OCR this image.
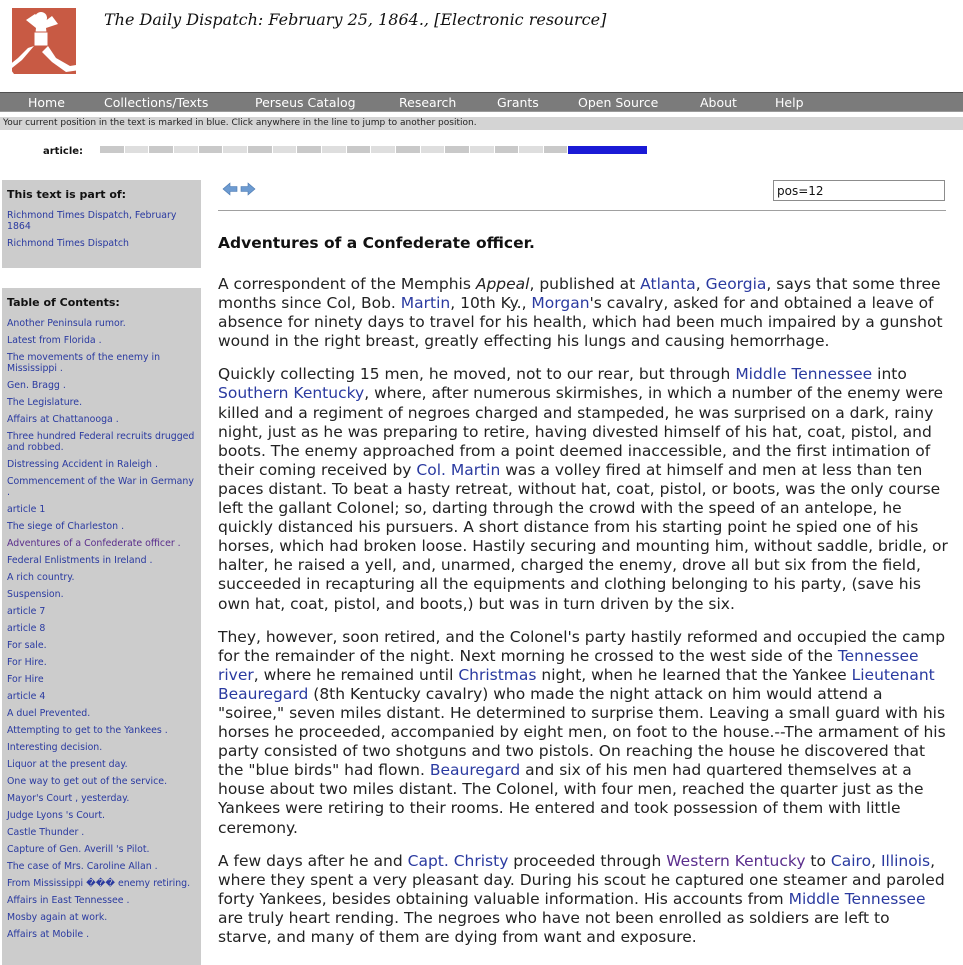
The Daily Dispatch: February 25, 1864., [Electronic resource]
Home	Collections/Texts	Perseus Catalog	Research	Grants	Open Source	About	Help
Your current position in the text is marked in blue. Click anywhere in the line to jump to another position.
article:
This text is part of:
Richmond Times Dispatch, February 1864
Richmond Times Dispatch
Table of Contents:
Another Peninsula rumor.
Latest from Florida .
The movements of the enemy in Mississippi .
Gen. Bragg .
The Legislature.
Affairs at Chattanooga .
Three hundred Federal recruits drugged and robbed.
Distressing Accident in Raleigh .
Commencement of the War in Germany .
article 1
The siege of Charleston .
Adventures of a Confederate officer .
Federal Enlistments in Ireland .
A rich country.
Suspension.
article 7
article 8
For sale.
For Hire.
For Hire
article 4
A duel Prevented.
Attempting to get to the Yankees .
Interesting decision.
Liquor at the present day.
One way to get out of the service.
Mayor's Court , yesterday.
Judge Lyons 's Court.
Castle Thunder .
Capture of Gen. Averill 's Pilot.
The case of Mrs. Caroline Allan .
From Mississippi ��� enemy retiring.
Affairs in East Tennessee .
Mosby again at work.
Affairs at Mobile .
pos=12
Adventures of a Confederate officer.

A correspondent of the Memphis Appeal, published at Atlanta, Georgia, says that some three months since Col, Bob. Martin, 10th Ky., Morgan's cavalry, asked for and obtained a leave of absence for ninety days to travel for his health, which had been much impaired by a gunshot wound in the right breast, greatly effecting his lungs and causing hemorrhage.

Quickly collecting 15 men, he moved, not to our rear, but through Middle Tennessee into Southern Kentucky, where, after numerous skirmishes, in which a number of the enemy were killed and a regiment of negroes charged and stampeded, he was surprised on a dark, rainy night, just as he was preparing to retire, having divested himself of his hat, coat, pistol, and boots. The enemy approached from a point deemed inaccessible, and the first intimation of their coming received by Col. Martin was a volley fired at himself and men at less than ten paces distant. To beat a hasty retreat, without hat, coat, pistol, or boots, was the only course left the gallant Colonel; so, darting through the crowd with the speed of an antelope, he quickly distanced his pursuers. A short distance from his starting point he spied one of his horses, which had broken loose. Hastily securing and mounting him, without saddle, bridle, or halter, he raised a yell, and, unarmed, charged the enemy, drove all but six from the field, succeeded in recapturing all the equipments and clothing belonging to his party, (save his own hat, coat, pistol, and boots,) but was in turn driven by the six.

They, however, soon retired, and the Colonel's party hastily reformed and occupied the camp for the remainder of the night. Next morning he crossed to the west side of the Tennessee river, where he remained until Christmas night, when he learned that the Yankee Lieutenant Beauregard (8th Kentucky cavalry) who made the night attack on him would attend a "soiree," seven miles distant. He determined to surprise them. Leaving a small guard with his horses he proceeded, accompanied by eight men, on foot to the house.--The armament of his party consisted of two shotguns and two pistols. On reaching the house he discovered that the "blue birds" had flown. Beauregard and six of his men had quartered themselves at a house about two miles distant. The Colonel, with four men, reached the quarter just as the Yankees were retiring to their rooms. He entered and took possession of them with little ceremony.

A few days after he and Capt. Christy proceeded through Western Kentucky to Cairo, Illinois, where they spent a very pleasant day. During his scout he captured one steamer and paroled forty Yankees, besides obtaining valuable information. His accounts from Middle Tennessee are truly heart rending. The negroes who have not been enrolled as soldiers are left to starve, and many of them are dying from want and exposure.
